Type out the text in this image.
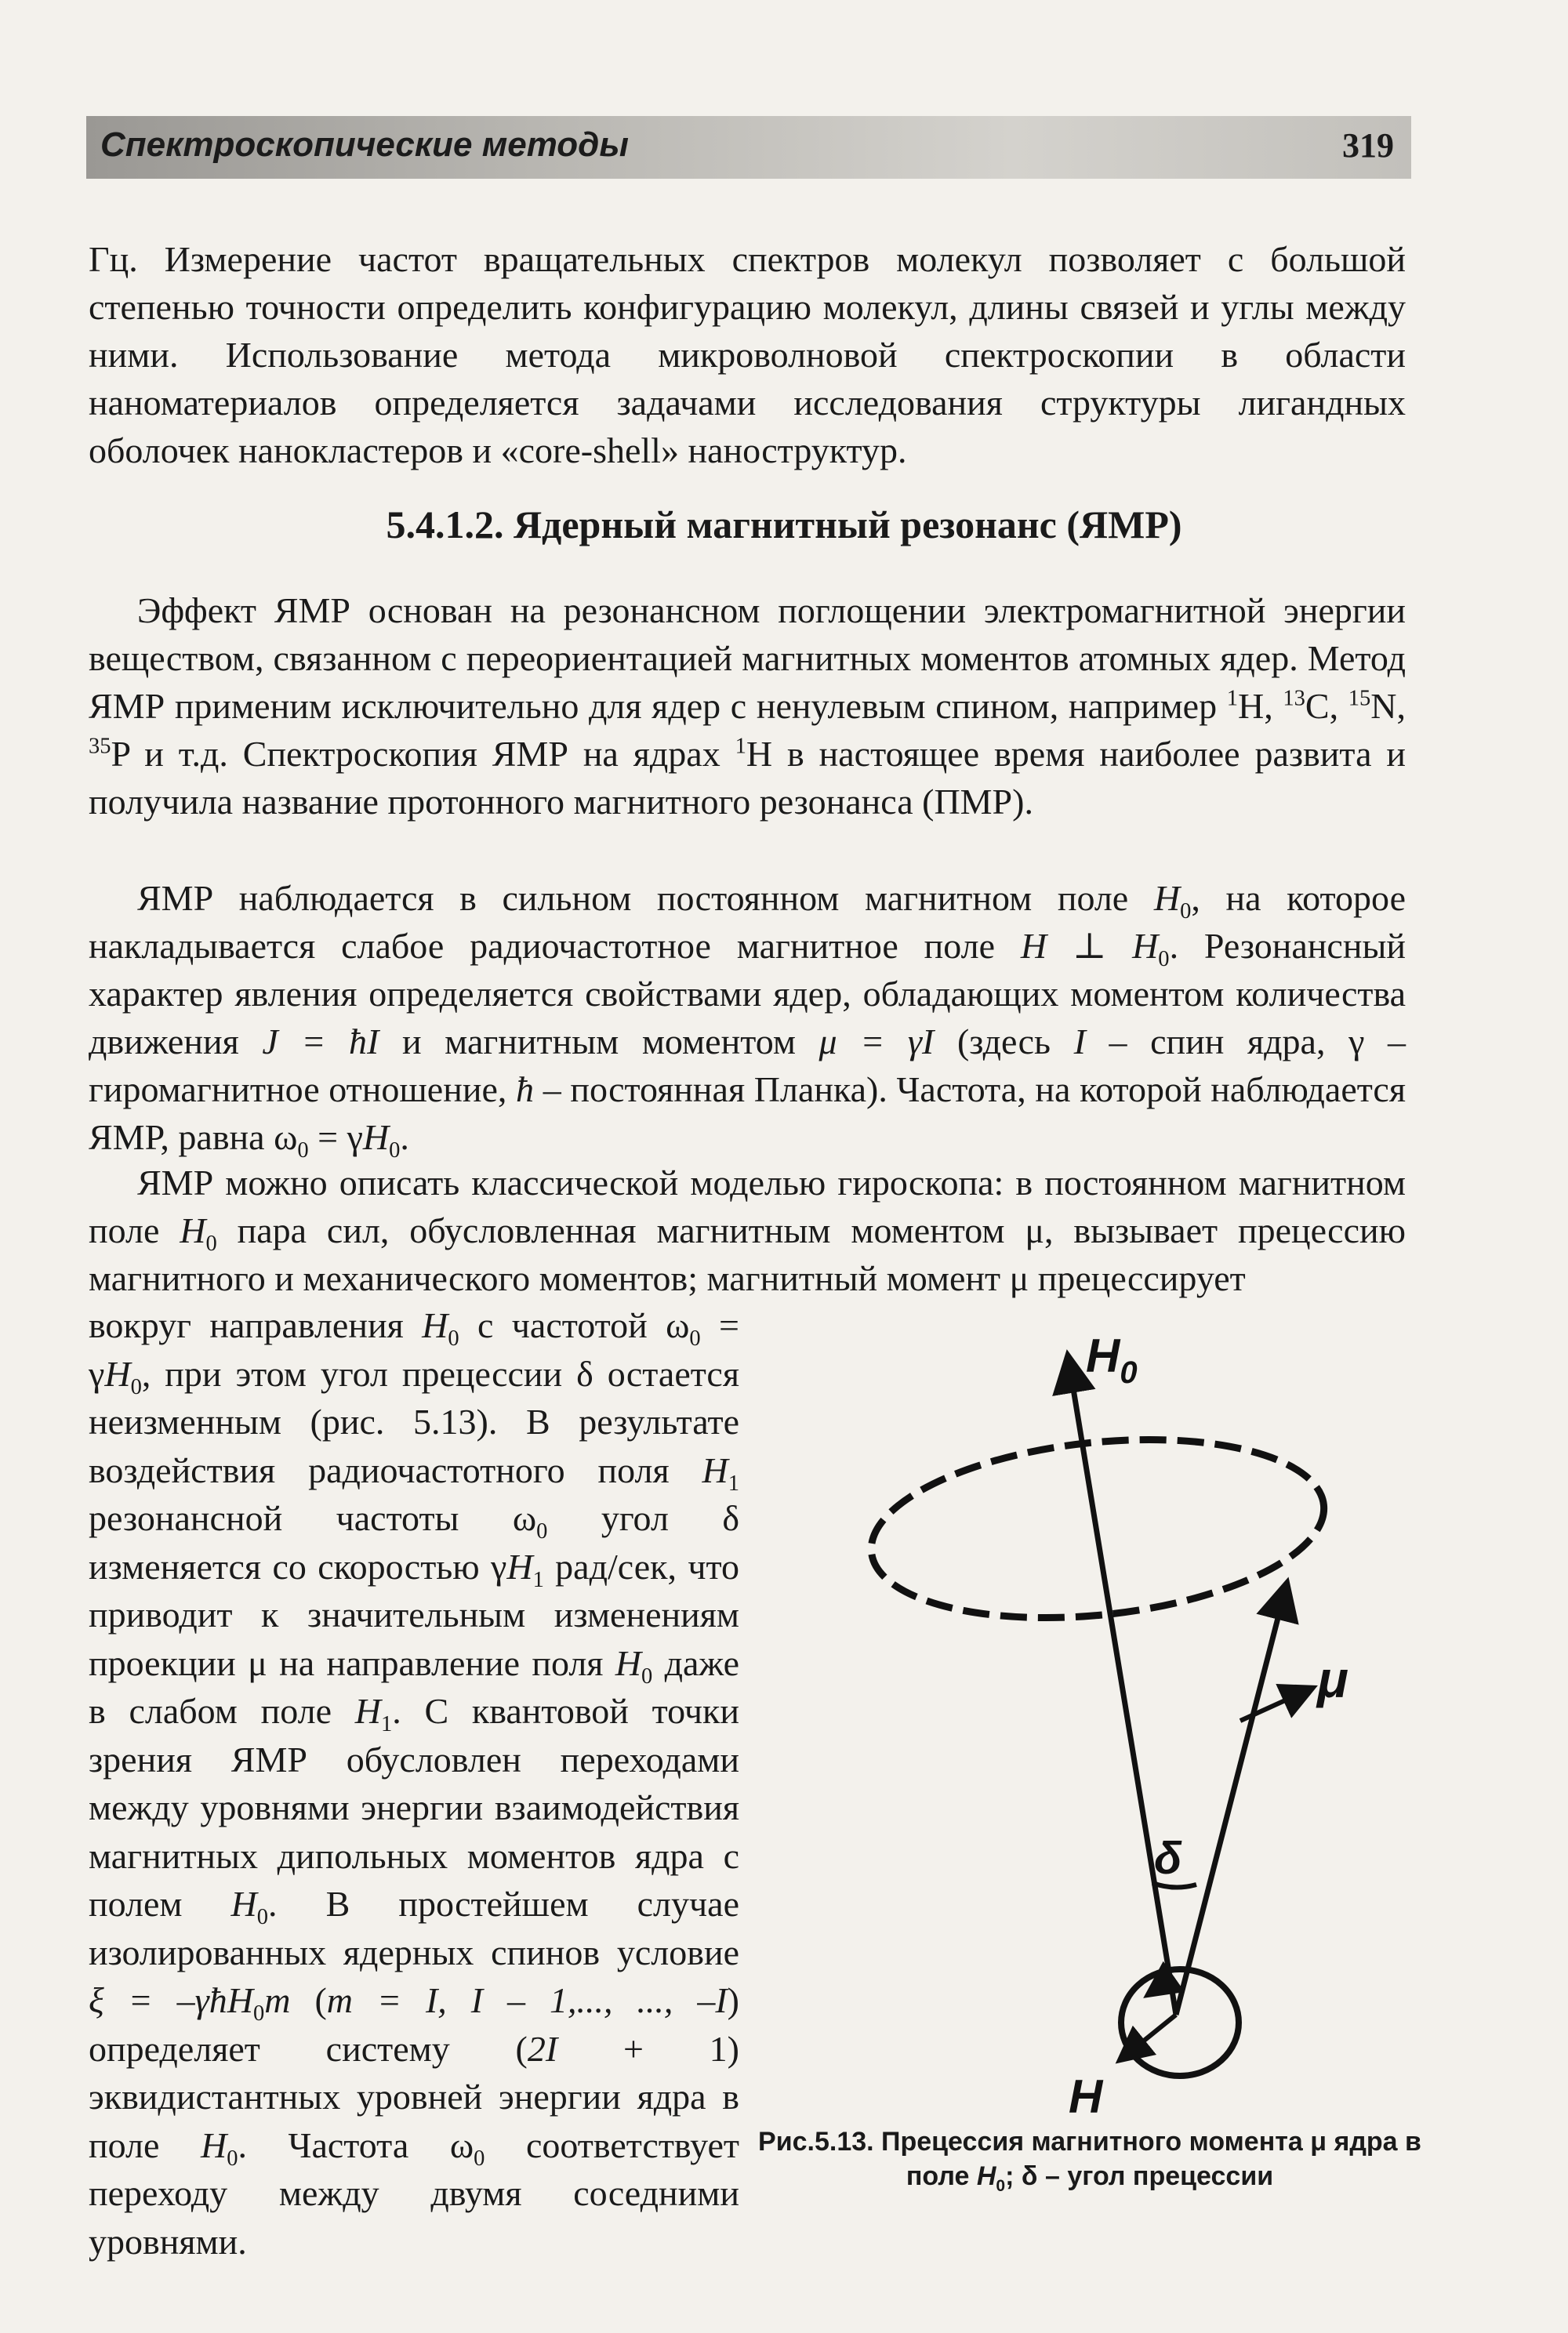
Спектроскопические методы	319

Гц. Измерение частот вращательных спектров молекул позволяет с большой степенью точности определить конфигурацию молекул, длины связей и углы между ними. Использование метода микроволновой спектроскопии в области наноматериалов определяется задачами исследования структуры лигандных оболочек нанокластеров и «core-shell» наноструктур.

5.4.1.2. Ядерный магнитный резонанс (ЯМР)

Эффект ЯМР основан на резонансном поглощении электромагнитной энергии веществом, связанном с переориентацией магнитных моментов атомных ядер. Метод ЯМР применим исключительно для ядер с ненулевым спином, например $^1$H, $^{13}$C, $^{15}$N, $^{35}$P и т.д. Спектроскопия ЯМР на ядрах $^1$H в настоящее время наиболее развита и получила название протонного магнитного резонанса (ПМР).

ЯМР наблюдается в сильном постоянном магнитном поле $H_0$, на которое накладывается слабое радиочастотное магнитное поле H ⊥ $H_0$. Резонансный характер явления определяется свойствами ядер, обладающих моментом количества движения J = ħI и магнитным моментом μ = γI (здесь I – спин ядра, γ – гиромагнитное отношение, ħ – постоянная Планка). Частота, на которой наблюдается ЯМР, равна $\omega_0 = \gamma H_0$.

ЯМР можно описать классической моделью гироскопа: в постоянном магнитном поле $H_0$ пара сил, обусловленная магнитным моментом μ, вызывает прецессию магнитного и механического моментов; магнитный момент μ прецессирует

вокруг направления $H_0$ с частотой $\omega_0 = \gamma H_0$, при этом угол прецессии δ остается неизменным (рис. 5.13). В результате воздействия радиочастотного поля $H_1$ резонансной частоты $\omega_0$ угол δ изменяется со скоростью $\gamma H_1$ рад/сек, что приводит к значительным изменениям проекции μ на направление поля $H_0$ даже в слабом поле $H_1$. С квантовой точки зрения ЯМР обусловлен переходами между уровнями энергии взаимодействия магнитных дипольных моментов ядра с полем $H_0$. В простейшем случае изолированных ядерных спинов условие ξ = –γħH$_0$m (m = I, I – 1,..., ..., –I) определяет систему (2I + 1) эквидистантных уровней энергии ядра в поле $H_0$. Частота $\omega_0$ соответствует переходу между двумя соседними уровнями.

$H_0$
μ
δ
H
Рис.5.13. Прецессия магнитного момента μ ядра в поле $H_0$; δ – угол прецессии
